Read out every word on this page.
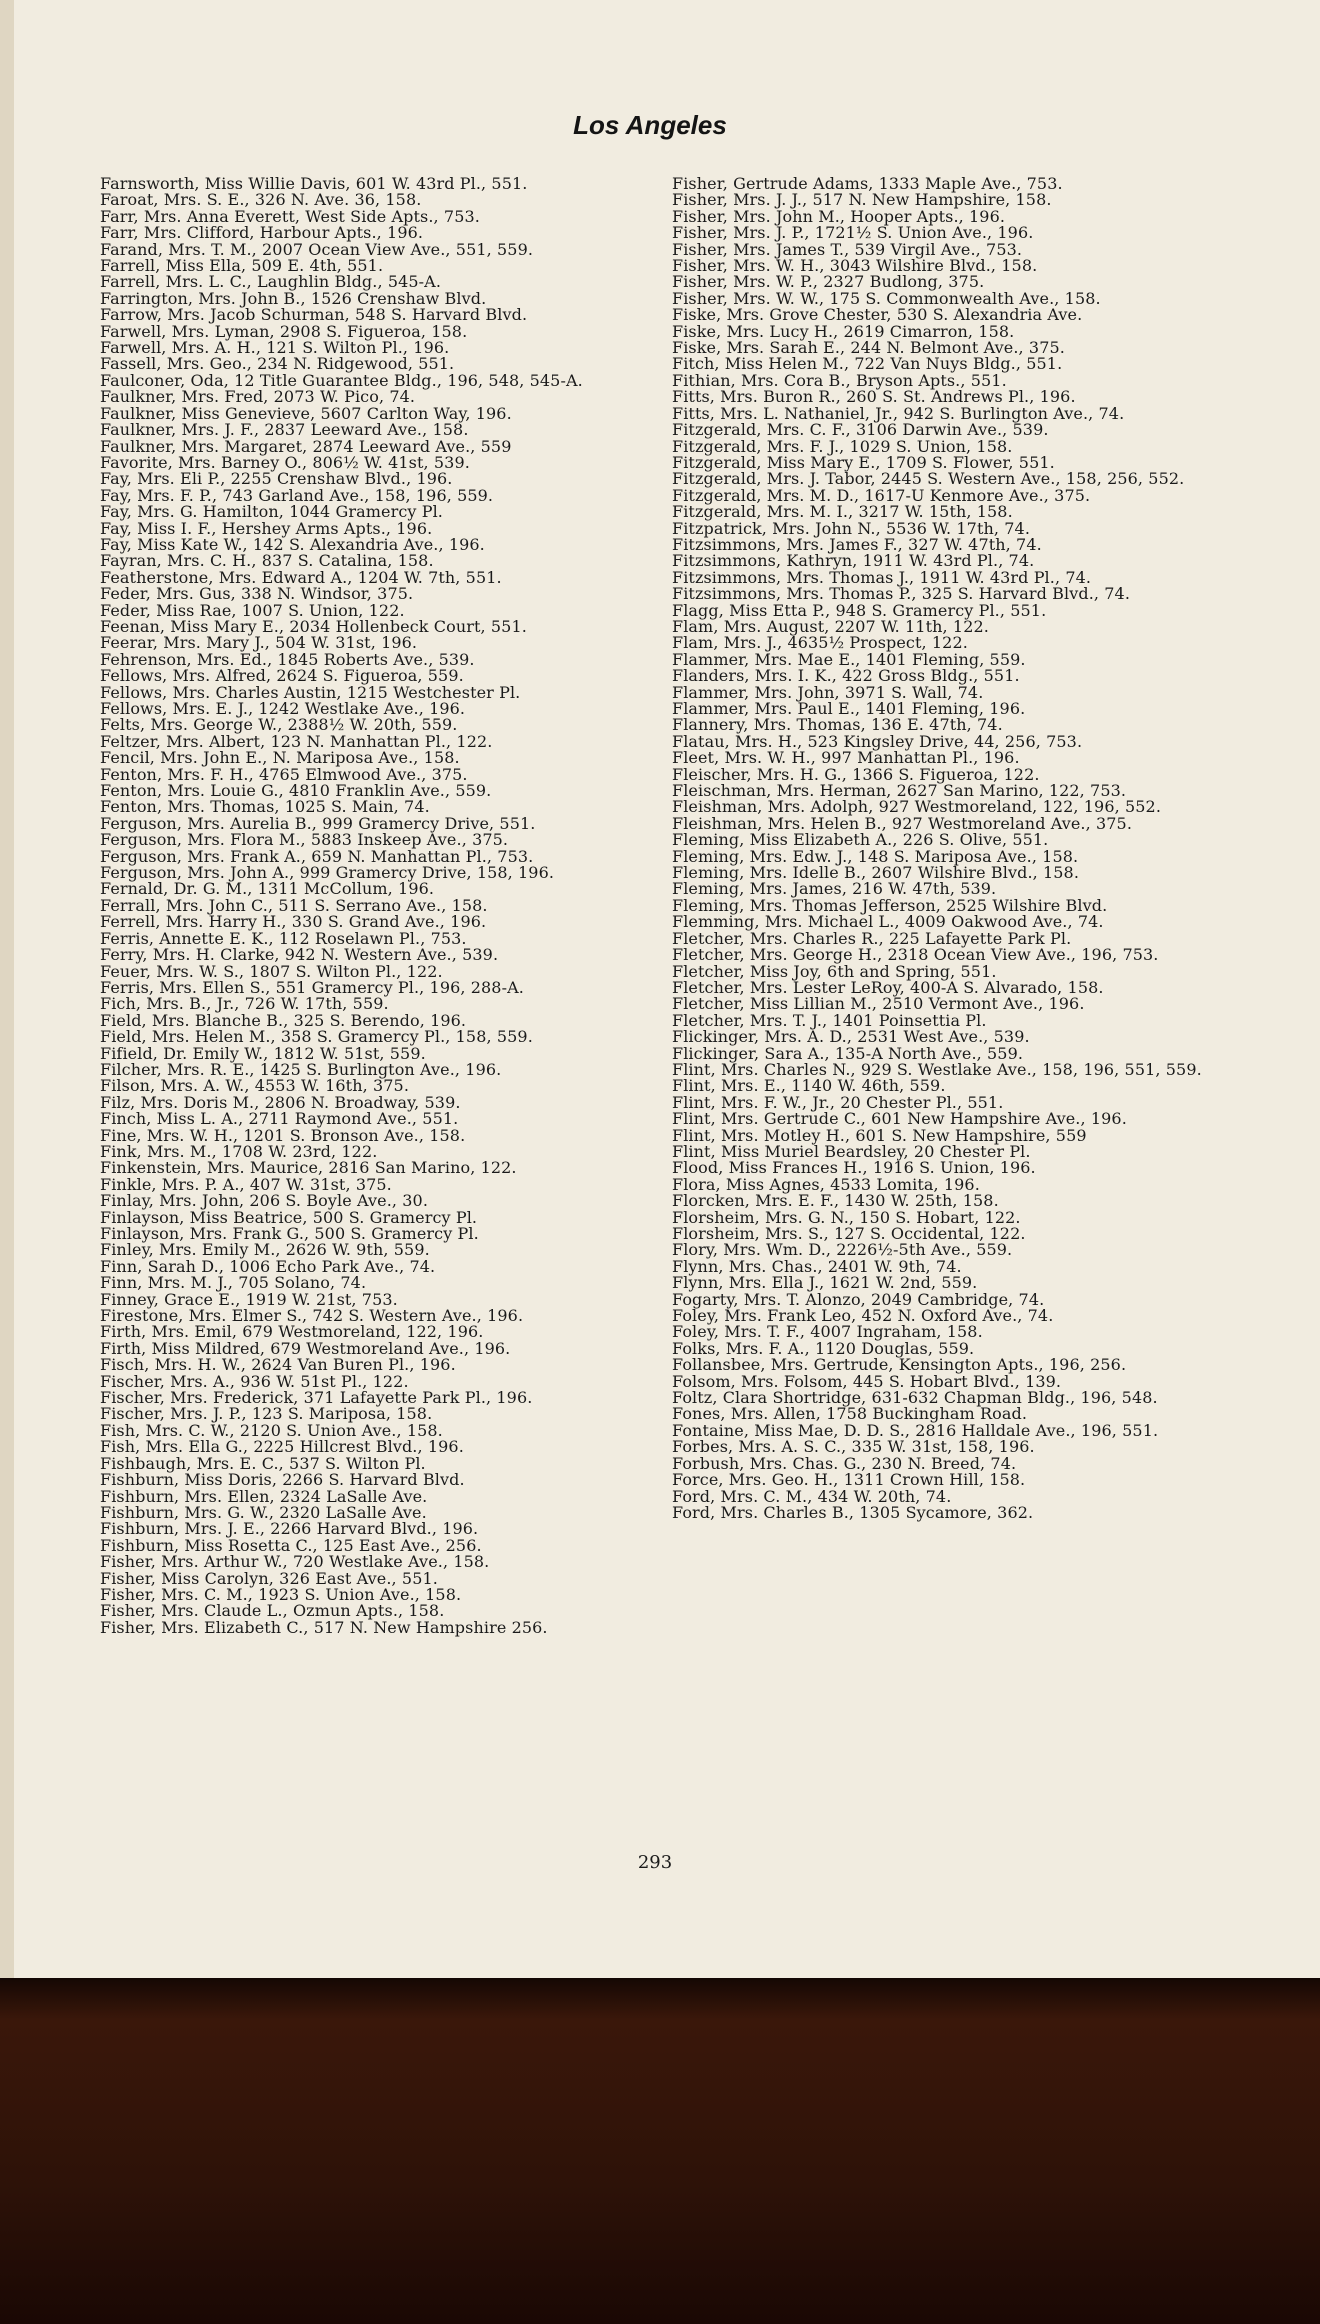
Los Angeles
Farnsworth, Miss Willie Davis, 601 W. 43rd Pl., 551.
Faroat, Mrs. S. E., 326 N. Ave. 36, 158.
Farr, Mrs. Anna Everett, West Side Apts., 753.
Farr, Mrs. Clifford, Harbour Apts., 196.
Farand, Mrs. T. M., 2007 Ocean View Ave., 551, 559.
Farrell, Miss Ella, 509 E. 4th, 551.
Farrell, Mrs. L. C., Laughlin Bldg., 545-A.
Farrington, Mrs. John B., 1526 Crenshaw Blvd.
Farrow, Mrs. Jacob Schurman, 548 S. Harvard Blvd.
Farwell, Mrs. Lyman, 2908 S. Figueroa, 158.
Farwell, Mrs. A. H., 121 S. Wilton Pl., 196.
Fassell, Mrs. Geo., 234 N. Ridgewood, 551.
Faulconer, Oda, 12 Title Guarantee Bldg., 196, 548, 545-A.
Faulkner, Mrs. Fred, 2073 W. Pico, 74.
Faulkner, Miss Genevieve, 5607 Carlton Way, 196.
Faulkner, Mrs. J. F., 2837 Leeward Ave., 158.
Faulkner, Mrs. Margaret, 2874 Leeward Ave., 559
Favorite, Mrs. Barney O., 806½ W. 41st, 539.
Fay, Mrs. Eli P., 2255 Crenshaw Blvd., 196.
Fay, Mrs. F. P., 743 Garland Ave., 158, 196, 559.
Fay, Mrs. G. Hamilton, 1044 Gramercy Pl.
Fay, Miss I. F., Hershey Arms Apts., 196.
Fay, Miss Kate W., 142 S. Alexandria Ave., 196.
Fayran, Mrs. C. H., 837 S. Catalina, 158.
Featherstone, Mrs. Edward A., 1204 W. 7th, 551.
Feder, Mrs. Gus, 338 N. Windsor, 375.
Feder, Miss Rae, 1007 S. Union, 122.
Feenan, Miss Mary E., 2034 Hollenbeck Court, 551.
Feerar, Mrs. Mary J., 504 W. 31st, 196.
Fehrenson, Mrs. Ed., 1845 Roberts Ave., 539.
Fellows, Mrs. Alfred, 2624 S. Figueroa, 559.
Fellows, Mrs. Charles Austin, 1215 Westchester Pl.
Fellows, Mrs. E. J., 1242 Westlake Ave., 196.
Felts, Mrs. George W., 2388½ W. 20th, 559.
Feltzer, Mrs. Albert, 123 N. Manhattan Pl., 122.
Fencil, Mrs. John E., N. Mariposa Ave., 158.
Fenton, Mrs. F. H., 4765 Elmwood Ave., 375.
Fenton, Mrs. Louie G., 4810 Franklin Ave., 559.
Fenton, Mrs. Thomas, 1025 S. Main, 74.
Ferguson, Mrs. Aurelia B., 999 Gramercy Drive, 551.
Ferguson, Mrs. Flora M., 5883 Inskeep Ave., 375.
Ferguson, Mrs. Frank A., 659 N. Manhattan Pl., 753.
Ferguson, Mrs. John A., 999 Gramercy Drive, 158, 196.
Fernald, Dr. G. M., 1311 McCollum, 196.
Ferrall, Mrs. John C., 511 S. Serrano Ave., 158.
Ferrell, Mrs. Harry H., 330 S. Grand Ave., 196.
Ferris, Annette E. K., 112 Roselawn Pl., 753.
Ferry, Mrs. H. Clarke, 942 N. Western Ave., 539.
Feuer, Mrs. W. S., 1807 S. Wilton Pl., 122.
Ferris, Mrs. Ellen S., 551 Gramercy Pl., 196, 288-A.
Fich, Mrs. B., Jr., 726 W. 17th, 559.
Field, Mrs. Blanche B., 325 S. Berendo, 196.
Field, Mrs. Helen M., 358 S. Gramercy Pl., 158, 559.
Fifield, Dr. Emily W., 1812 W. 51st, 559.
Filcher, Mrs. R. E., 1425 S. Burlington Ave., 196.
Filson, Mrs. A. W., 4553 W. 16th, 375.
Filz, Mrs. Doris M., 2806 N. Broadway, 539.
Finch, Miss L. A., 2711 Raymond Ave., 551.
Fine, Mrs. W. H., 1201 S. Bronson Ave., 158.
Fink, Mrs. M., 1708 W. 23rd, 122.
Finkenstein, Mrs. Maurice, 2816 San Marino, 122.
Finkle, Mrs. P. A., 407 W. 31st, 375.
Finlay, Mrs. John, 206 S. Boyle Ave., 30.
Finlayson, Miss Beatrice, 500 S. Gramercy Pl.
Finlayson, Mrs. Frank G., 500 S. Gramercy Pl.
Finley, Mrs. Emily M., 2626 W. 9th, 559.
Finn, Sarah D., 1006 Echo Park Ave., 74.
Finn, Mrs. M. J., 705 Solano, 74.
Finney, Grace E., 1919 W. 21st, 753.
Firestone, Mrs. Elmer S., 742 S. Western Ave., 196.
Firth, Mrs. Emil, 679 Westmoreland, 122, 196.
Firth, Miss Mildred, 679 Westmoreland Ave., 196.
Fisch, Mrs. H. W., 2624 Van Buren Pl., 196.
Fischer, Mrs. A., 936 W. 51st Pl., 122.
Fischer, Mrs. Frederick, 371 Lafayette Park Pl., 196.
Fischer, Mrs. J. P., 123 S. Mariposa, 158.
Fish, Mrs. C. W., 2120 S. Union Ave., 158.
Fish, Mrs. Ella G., 2225 Hillcrest Blvd., 196.
Fishbaugh, Mrs. E. C., 537 S. Wilton Pl.
Fishburn, Miss Doris, 2266 S. Harvard Blvd.
Fishburn, Mrs. Ellen, 2324 LaSalle Ave.
Fishburn, Mrs. G. W., 2320 LaSalle Ave.
Fishburn, Mrs. J. E., 2266 Harvard Blvd., 196.
Fishburn, Miss Rosetta C., 125 East Ave., 256.
Fisher, Mrs. Arthur W., 720 Westlake Ave., 158.
Fisher, Miss Carolyn, 326 East Ave., 551.
Fisher, Mrs. C. M., 1923 S. Union Ave., 158.
Fisher, Mrs. Claude L., Ozmun Apts., 158.
Fisher, Mrs. Elizabeth C., 517 N. New Hampshire 256.
Fisher, Gertrude Adams, 1333 Maple Ave., 753.
Fisher, Mrs. J. J., 517 N. New Hampshire, 158.
Fisher, Mrs. John M., Hooper Apts., 196.
Fisher, Mrs. J. P., 1721½ S. Union Ave., 196.
Fisher, Mrs. James T., 539 Virgil Ave., 753.
Fisher, Mrs. W. H., 3043 Wilshire Blvd., 158.
Fisher, Mrs. W. P., 2327 Budlong, 375.
Fisher, Mrs. W. W., 175 S. Commonwealth Ave., 158.
Fiske, Mrs. Grove Chester, 530 S. Alexandria Ave.
Fiske, Mrs. Lucy H., 2619 Cimarron, 158.
Fiske, Mrs. Sarah E., 244 N. Belmont Ave., 375.
Fitch, Miss Helen M., 722 Van Nuys Bldg., 551.
Fithian, Mrs. Cora B., Bryson Apts., 551.
Fitts, Mrs. Buron R., 260 S. St. Andrews Pl., 196.
Fitts, Mrs. L. Nathaniel, Jr., 942 S. Burlington Ave., 74.
Fitzgerald, Mrs. C. F., 3106 Darwin Ave., 539.
Fitzgerald, Mrs. F. J., 1029 S. Union, 158.
Fitzgerald, Miss Mary E., 1709 S. Flower, 551.
Fitzgerald, Mrs. J. Tabor, 2445 S. Western Ave., 158, 256, 552.
Fitzgerald, Mrs. M. D., 1617-U Kenmore Ave., 375.
Fitzgerald, Mrs. M. I., 3217 W. 15th, 158.
Fitzpatrick, Mrs. John N., 5536 W. 17th, 74.
Fitzsimmons, Mrs. James F., 327 W. 47th, 74.
Fitzsimmons, Kathryn, 1911 W. 43rd Pl., 74.
Fitzsimmons, Mrs. Thomas J., 1911 W. 43rd Pl., 74.
Fitzsimmons, Mrs. Thomas P., 325 S. Harvard Blvd., 74.
Flagg, Miss Etta P., 948 S. Gramercy Pl., 551.
Flam, Mrs. August, 2207 W. 11th, 122.
Flam, Mrs. J., 4635½ Prospect, 122.
Flammer, Mrs. Mae E., 1401 Fleming, 559.
Flanders, Mrs. I. K., 422 Gross Bldg., 551.
Flammer, Mrs. John, 3971 S. Wall, 74.
Flammer, Mrs. Paul E., 1401 Fleming, 196.
Flannery, Mrs. Thomas, 136 E. 47th, 74.
Flatau, Mrs. H., 523 Kingsley Drive, 44, 256, 753.
Fleet, Mrs. W. H., 997 Manhattan Pl., 196.
Fleischer, Mrs. H. G., 1366 S. Figueroa, 122.
Fleischman, Mrs. Herman, 2627 San Marino, 122, 753.
Fleishman, Mrs. Adolph, 927 Westmoreland, 122, 196, 552.
Fleishman, Mrs. Helen B., 927 Westmoreland Ave., 375.
Fleming, Miss Elizabeth A., 226 S. Olive, 551.
Fleming, Mrs. Edw. J., 148 S. Mariposa Ave., 158.
Fleming, Mrs. Idelle B., 2607 Wilshire Blvd., 158.
Fleming, Mrs. James, 216 W. 47th, 539.
Fleming, Mrs. Thomas Jefferson, 2525 Wilshire Blvd.
Flemming, Mrs. Michael L., 4009 Oakwood Ave., 74.
Fletcher, Mrs. Charles R., 225 Lafayette Park Pl.
Fletcher, Mrs. George H., 2318 Ocean View Ave., 196, 753.
Fletcher, Miss Joy, 6th and Spring, 551.
Fletcher, Mrs. Lester LeRoy, 400-A S. Alvarado, 158.
Fletcher, Miss Lillian M., 2510 Vermont Ave., 196.
Fletcher, Mrs. T. J., 1401 Poinsettia Pl.
Flickinger, Mrs. A. D., 2531 West Ave., 539.
Flickinger, Sara A., 135-A North Ave., 559.
Flint, Mrs. Charles N., 929 S. Westlake Ave., 158, 196, 551, 559.
Flint, Mrs. E., 1140 W. 46th, 559.
Flint, Mrs. F. W., Jr., 20 Chester Pl., 551.
Flint, Mrs. Gertrude C., 601 New Hampshire Ave., 196.
Flint, Mrs. Motley H., 601 S. New Hampshire, 559
Flint, Miss Muriel Beardsley, 20 Chester Pl.
Flood, Miss Frances H., 1916 S. Union, 196.
Flora, Miss Agnes, 4533 Lomita, 196.
Florcken, Mrs. E. F., 1430 W. 25th, 158.
Florsheim, Mrs. G. N., 150 S. Hobart, 122.
Florsheim, Mrs. S., 127 S. Occidental, 122.
Flory, Mrs. Wm. D., 2226½-5th Ave., 559.
Flynn, Mrs. Chas., 2401 W. 9th, 74.
Flynn, Mrs. Ella J., 1621 W. 2nd, 559.
Fogarty, Mrs. T. Alonzo, 2049 Cambridge, 74.
Foley, Mrs. Frank Leo, 452 N. Oxford Ave., 74.
Foley, Mrs. T. F., 4007 Ingraham, 158.
Folks, Mrs. F. A., 1120 Douglas, 559.
Follansbee, Mrs. Gertrude, Kensington Apts., 196, 256.
Folsom, Mrs. Folsom, 445 S. Hobart Blvd., 139.
Foltz, Clara Shortridge, 631-632 Chapman Bldg., 196, 548.
Fones, Mrs. Allen, 1758 Buckingham Road.
Fontaine, Miss Mae, D. D. S., 2816 Halldale Ave., 196, 551.
Forbes, Mrs. A. S. C., 335 W. 31st, 158, 196.
Forbush, Mrs. Chas. G., 230 N. Breed, 74.
Force, Mrs. Geo. H., 1311 Crown Hill, 158.
Ford, Mrs. C. M., 434 W. 20th, 74.
Ford, Mrs. Charles B., 1305 Sycamore, 362.
293
